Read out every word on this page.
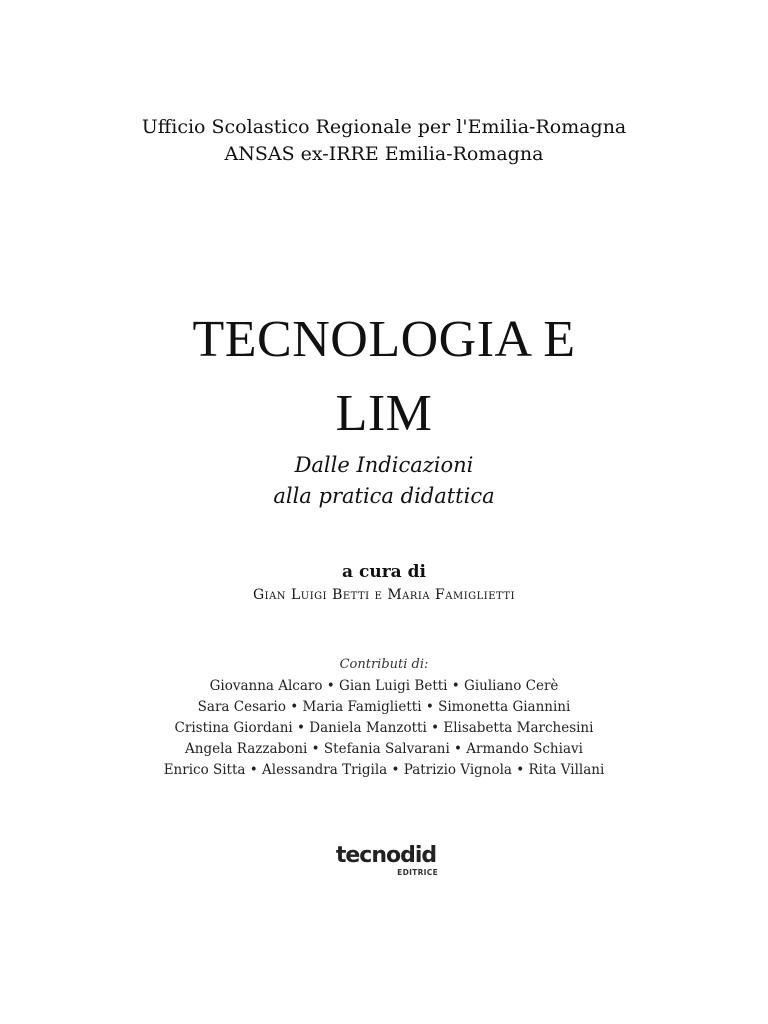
Ufficio Scolastico Regionale per l'Emilia-Romagna
ANSAS ex-IRRE Emilia-Romagna
TECNOLOGIA E
LIM
Dalle Indicazioni
alla pratica didattica
a cura di
Gian Luigi Betti e Maria Famiglietti
Contributi di:
Giovanna Alcaro • Gian Luigi Betti • Giuliano Cerè
Sara Cesario • Maria Famiglietti • Simonetta Giannini
Cristina Giordani • Daniela Manzotti • Elisabetta Marchesini
Angela Razzaboni • Stefania Salvarani • Armando Schiavi
Enrico Sitta • Alessandra Trigila • Patrizio Vignola • Rita Villani
tecnodid
EDITRICE
